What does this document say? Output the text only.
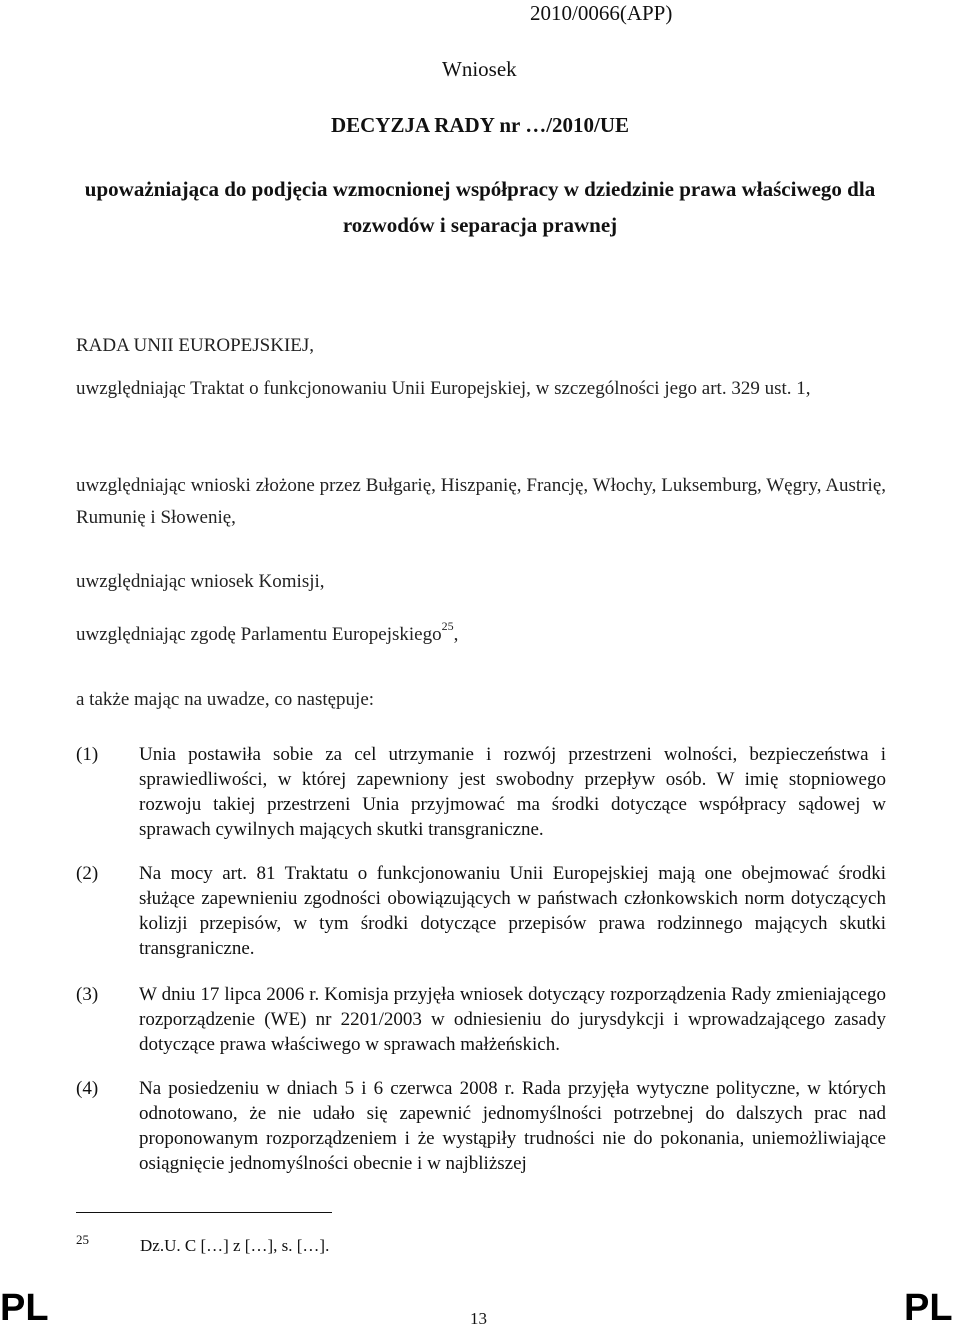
2010/0066(APP)
Wniosek
DECYZJA RADY nr …/2010/UE
upoważniająca do podjęcia wzmocnionej współpracy w dziedzinie prawa właściwego dla rozwodów i separacja prawnej
RADA UNII EUROPEJSKIEJ,
uwzględniając Traktat o funkcjonowaniu Unii Europejskiej, w szczególności jego art. 329 ust. 1,
uwzględniając wnioski złożone przez Bułgarię, Hiszpanię, Francję, Włochy, Luksemburg, Węgry, Austrię, Rumunię i Słowenię,
uwzględniając wniosek Komisji,
uwzględniając zgodę Parlamentu Europejskiego$^{25}$,
a także mając na uwadze, co następuje:
(1) Unia postawiła sobie za cel utrzymanie i rozwój przestrzeni wolności, bezpieczeństwa i sprawiedliwości, w której zapewniony jest swobodny przepływ osób. W imię stopniowego rozwoju takiej przestrzeni Unia przyjmować ma środki dotyczące współpracy sądowej w sprawach cywilnych mających skutki transgraniczne.
(2) Na mocy art. 81 Traktatu o funkcjonowaniu Unii Europejskiej mają one obejmować środki służące zapewnieniu zgodności obowiązujących w państwach członkowskich norm dotyczących kolizji przepisów, w tym środki dotyczące przepisów prawa rodzinnego mających skutki transgraniczne.
(3) W dniu 17 lipca 2006 r. Komisja przyjęła wniosek dotyczący rozporządzenia Rady zmieniającego rozporządzenie (WE) nr 2201/2003 w odniesieniu do jurysdykcji i wprowadzającego zasady dotyczące prawa właściwego w sprawach małżeńskich.
(4) Na posiedzeniu w dniach 5 i 6 czerwca 2008 r. Rada przyjęła wytyczne polityczne, w których odnotowano, że nie udało się zapewnić jednomyślności potrzebnej do dalszych prac nad proponowanym rozporządzeniem i że wystąpiły trudności nie do pokonania, uniemożliwiające osiągnięcie jednomyślności obecnie i w najbliższej
25	Dz.U. C […] z […], s. […].
PL	13	PL
